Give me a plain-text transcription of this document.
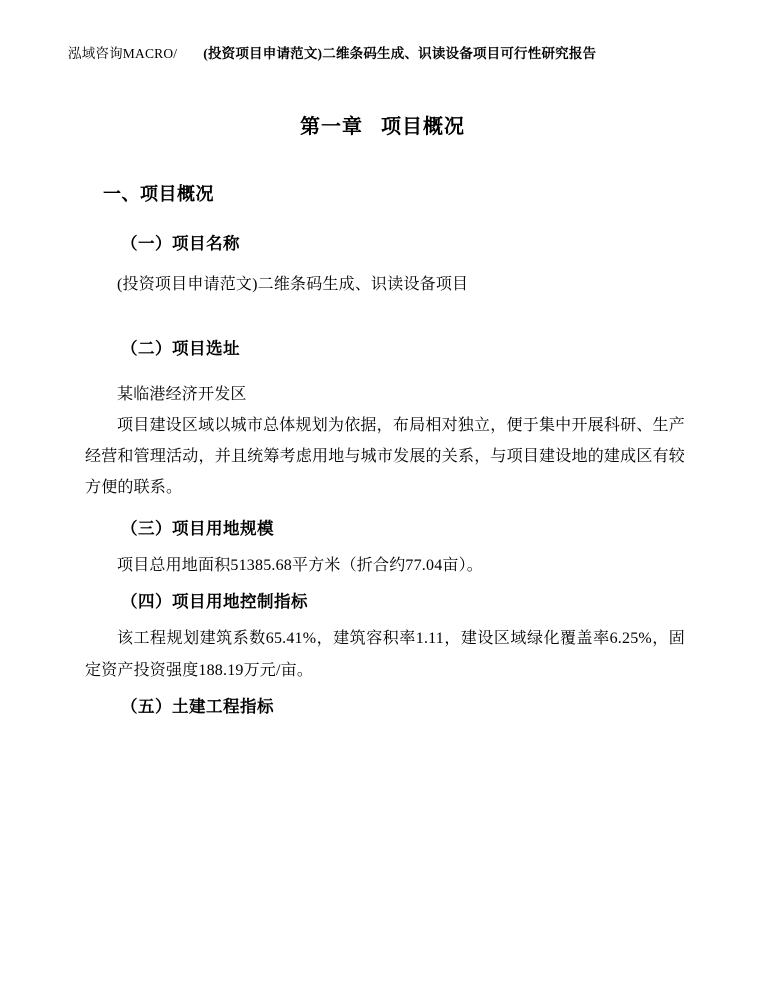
泓域咨询MACRO/ (投资项目申请范文)二维条码生成、识读设备项目可行性研究报告
第一章 项目概况
一、项目概况
（一）项目名称

(投资项目申请范文)二维条码生成、识读设备项目

（二）项目选址

某临港经济开发区

项目建设区域以城市总体规划为依据，布局相对独立，便于集中开展科研、生产经营和管理活动，并且统筹考虑用地与城市发展的关系，与项目建设地的建成区有较方便的联系。

（三）项目用地规模

项目总用地面积51385.68平方米（折合约77.04亩）。

（四）项目用地控制指标

该工程规划建筑系数65.41%，建筑容积率1.11，建设区域绿化覆盖率6.25%，固定资产投资强度188.19万元/亩。

（五）土建工程指标
